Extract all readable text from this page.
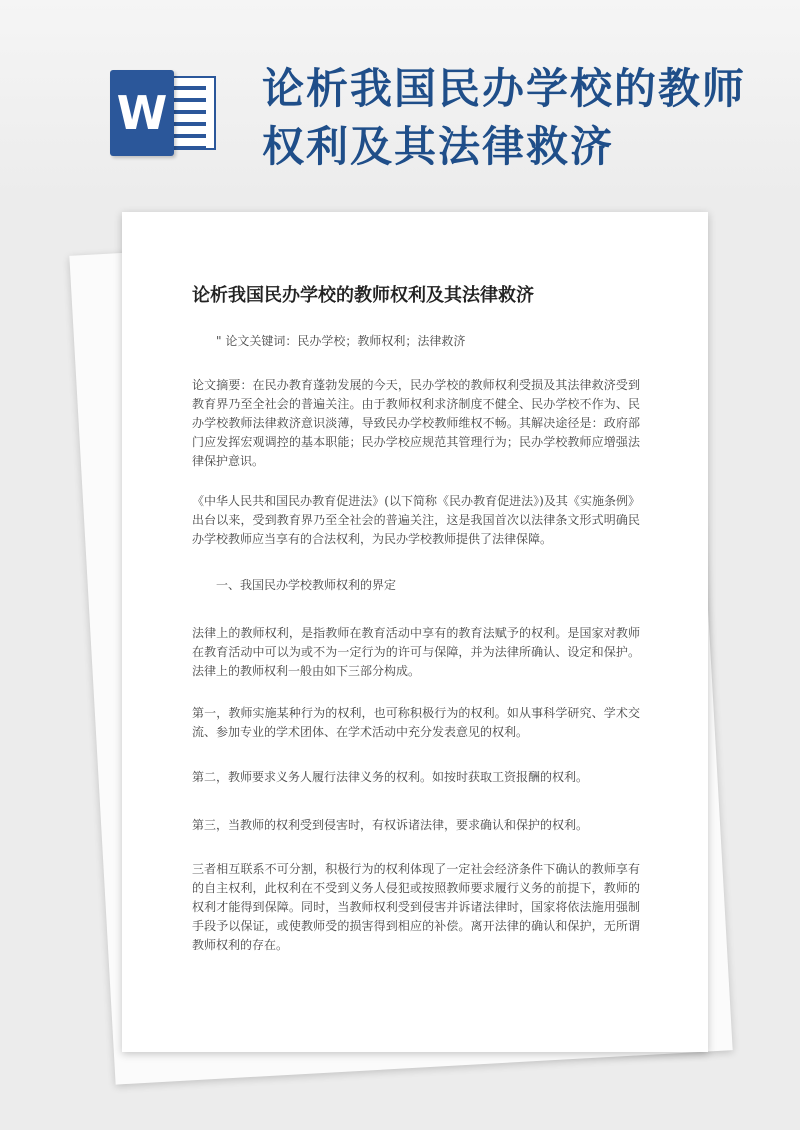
W 论析我国民办学校的教师权利及其法律救济
论析我国民办学校的教师权利及其法律救济
" 论文关键词：民办学校；教师权利；法律救济
论文摘要：在民办教育蓬勃发展的今天，民办学校的教师权利受损及其法律救济受到教育界乃至全社会的普遍关注。由于教师权利求济制度不健全、民办学校不作为、民办学校教师法律救济意识淡薄，导致民办学校教师维权不畅。其解决途径是：政府部门应发挥宏观调控的基本职能；民办学校应规范其管理行为；民办学校教师应增强法律保护意识。
《中华人民共和国民办教育促进法》(以下简称《民办教育促进法》)及其《实施条例》出台以来，受到教育界乃至全社会的普遍关注，这是我国首次以法律条文形式明确民办学校教师应当享有的合法权利，为民办学校教师提供了法律保障。
一、我国民办学校教师权利的界定
法律上的教师权利，是指教师在教育活动中享有的教育法赋予的权利。是国家对教师在教育活动中可以为或不为一定行为的许可与保障，并为法律所确认、设定和保护。法律上的教师权利一般由如下三部分构成。
第一，教师实施某种行为的权利，也可称积极行为的权利。如从事科学研究、学术交流、参加专业的学术团体、在学术活动中充分发表意见的权利。
第二，教师要求义务人履行法律义务的权利。如按时获取工资报酬的权利。
第三，当教师的权利受到侵害时，有权诉诸法律，要求确认和保护的权利。
三者相互联系不可分割，积极行为的权利体现了一定社会经济条件下确认的教师享有的自主权利，此权利在不受到义务人侵犯或按照教师要求履行义务的前提下，教师的权利才能得到保障。同时，当教师权利受到侵害并诉诸法律时，国家将依法施用强制手段予以保证，或使教师受的损害得到相应的补偿。离开法律的确认和保护，无所谓教师权利的存在。
